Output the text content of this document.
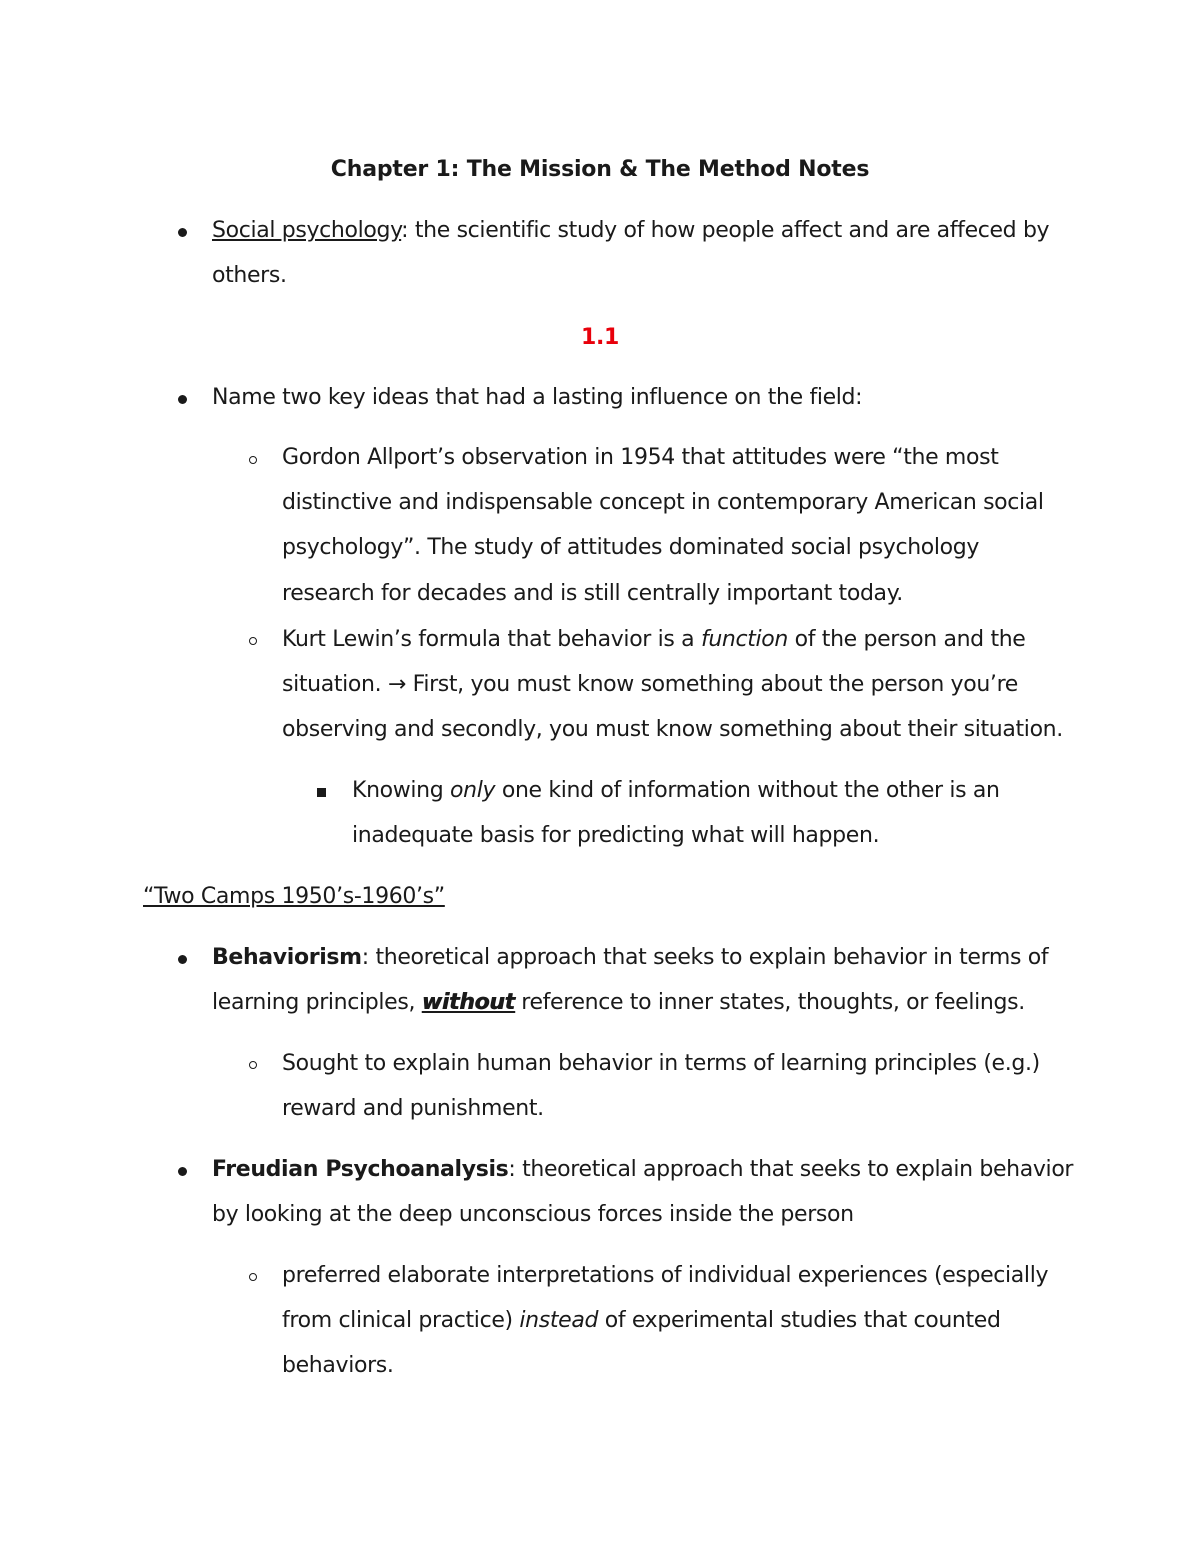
Chapter 1: The Mission & The Method Notes
Social psychology: the scientific study of how people affect and are affeced by
others.
1.1
Name two key ideas that had a lasting influence on the field:
Gordon Allport’s observation in 1954 that attitudes were “the most
distinctive and indispensable concept in contemporary American social
psychology”. The study of attitudes dominated social psychology
research for decades and is still centrally important today.
Kurt Lewin’s formula that behavior is a function of the person and the
situation. → First, you must know something about the person you’re
observing and secondly, you must know something about their situation.
Knowing only one kind of information without the other is an
inadequate basis for predicting what will happen.
“Two Camps 1950’s-1960’s”
Behaviorism: theoretical approach that seeks to explain behavior in terms of
learning principles, without reference to inner states, thoughts, or feelings.
Sought to explain human behavior in terms of learning principles (e.g.)
reward and punishment.
Freudian Psychoanalysis: theoretical approach that seeks to explain behavior
by looking at the deep unconscious forces inside the person
preferred elaborate interpretations of individual experiences (especially
from clinical practice) instead of experimental studies that counted
behaviors.
